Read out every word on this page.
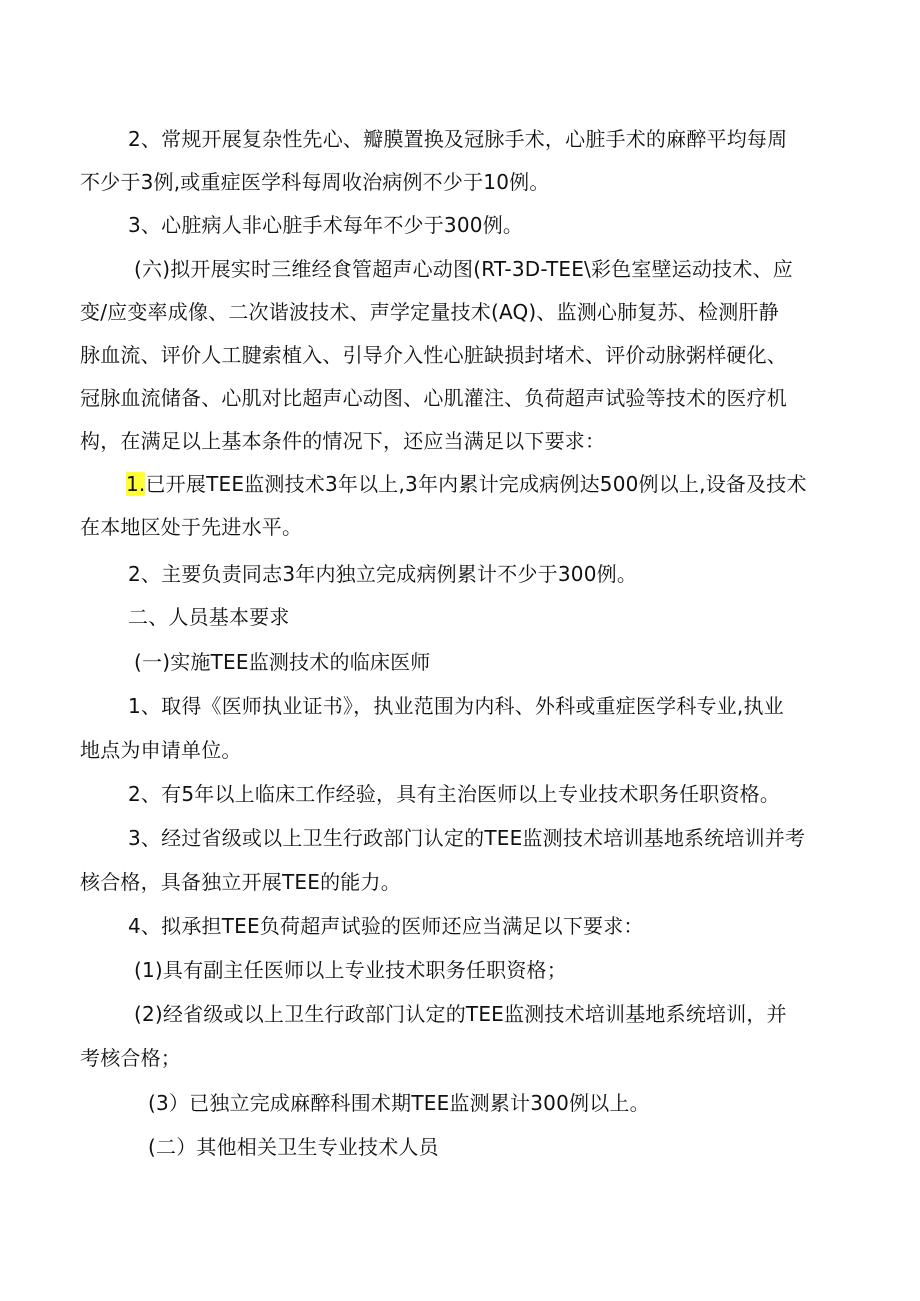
2、常规开展复杂性先心、瓣膜置换及冠脉手术，心脏手术的麻醉平均每周
不少于3例,或重症医学科每周收治病例不少于10例。
3、心脏病人非心脏手术每年不少于300例。
(六)拟开展实时三维经食管超声心动图(RT-3D-TEE\彩色室壁运动技术、应
变/应变率成像、二次谐波技术、声学定量技术(AQ)、监测心肺复苏、检测肝静
脉血流、评价人工腱索植入、引导介入性心脏缺损封堵术、评价动脉粥样硬化、
冠脉血流储备、心肌对比超声心动图、心肌灌注、负荷超声试验等技术的医疗机
构，在满足以上基本条件的情况下，还应当满足以下要求：
1.已开展TEE监测技术3年以上,3年内累计完成病例达500例以上,设备及技术
在本地区处于先进水平。
2、主要负责同志3年内独立完成病例累计不少于300例。
二、人员基本要求
(一)实施TEE监测技术的临床医师
1、取得《医师执业证书》，执业范围为内科、外科或重症医学科专业,执业
地点为申请单位。
2、有5年以上临床工作经验，具有主治医师以上专业技术职务任职资格。
3、经过省级或以上卫生行政部门认定的TEE监测技术培训基地系统培训并考
核合格，具备独立开展TEE的能力。
4、拟承担TEE负荷超声试验的医师还应当满足以下要求：
(1)具有副主任医师以上专业技术职务任职资格；
(2)经省级或以上卫生行政部门认定的TEE监测技术培训基地系统培训，并
考核合格；
(3）已独立完成麻醉科围术期TEE监测累计300例以上。
(二）其他相关卫生专业技术人员
